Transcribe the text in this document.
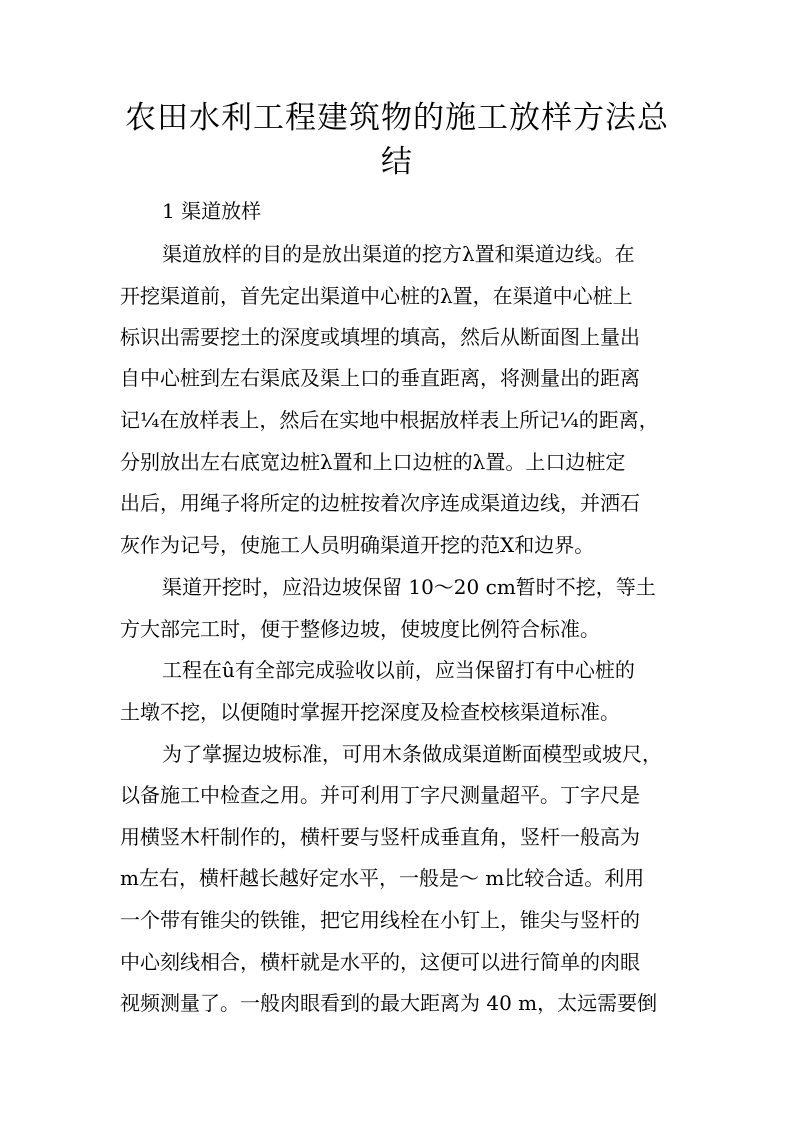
农田水利工程建筑物的施工放样方法总
结

1 渠道放样

渠道放样的目的是放出渠道的挖方λ置和渠道边线。在

开挖渠道前，首先定出渠道中心桩的λ置，在渠道中心桩上

标识出需要挖土的深度或填埋的填高，然后从断面图上量出

自中心桩到左右渠底及渠上口的垂直距离，将测量出的距离

记¼在放样表上，然后在实地中根据放样表上所记¼的距离，

分别放出左右底宽边桩λ置和上口边桩的λ置。上口边桩定

出后，用绳子将所定的边桩按着次序连成渠道边线，并洒石

灰作为记号，使施工人员明确渠道开挖的范Χ和边界。

渠道开挖时，应沿边坡保留 10～20 cm暂时不挖，等土

方大部完工时，便于整修边坡，使坡度比例符合标准。

工程在û有全部完成验收以前，应当保留打有中心桩的

土墩不挖，以便随时掌握开挖深度及检查校核渠道标准。

为了掌握边坡标准，可用木条做成渠道断面模型或坡尺，

以备施工中检查之用。并可利用丁字尺测量超平。丁字尺是

用横竖木杆制作的，横杆要与竖杆成垂直角，竖杆一般高为

m左右，横杆越长越好定水平，一般是～ m比较合适。利用

一个带有锥尖的铁锥，把它用线栓在小钉上，锥尖与竖杆的

中心刻线相合，横杆就是水平的，这便可以进行简单的肉眼

视频测量了。一般肉眼看到的最大距离为 40 m，太远需要倒
